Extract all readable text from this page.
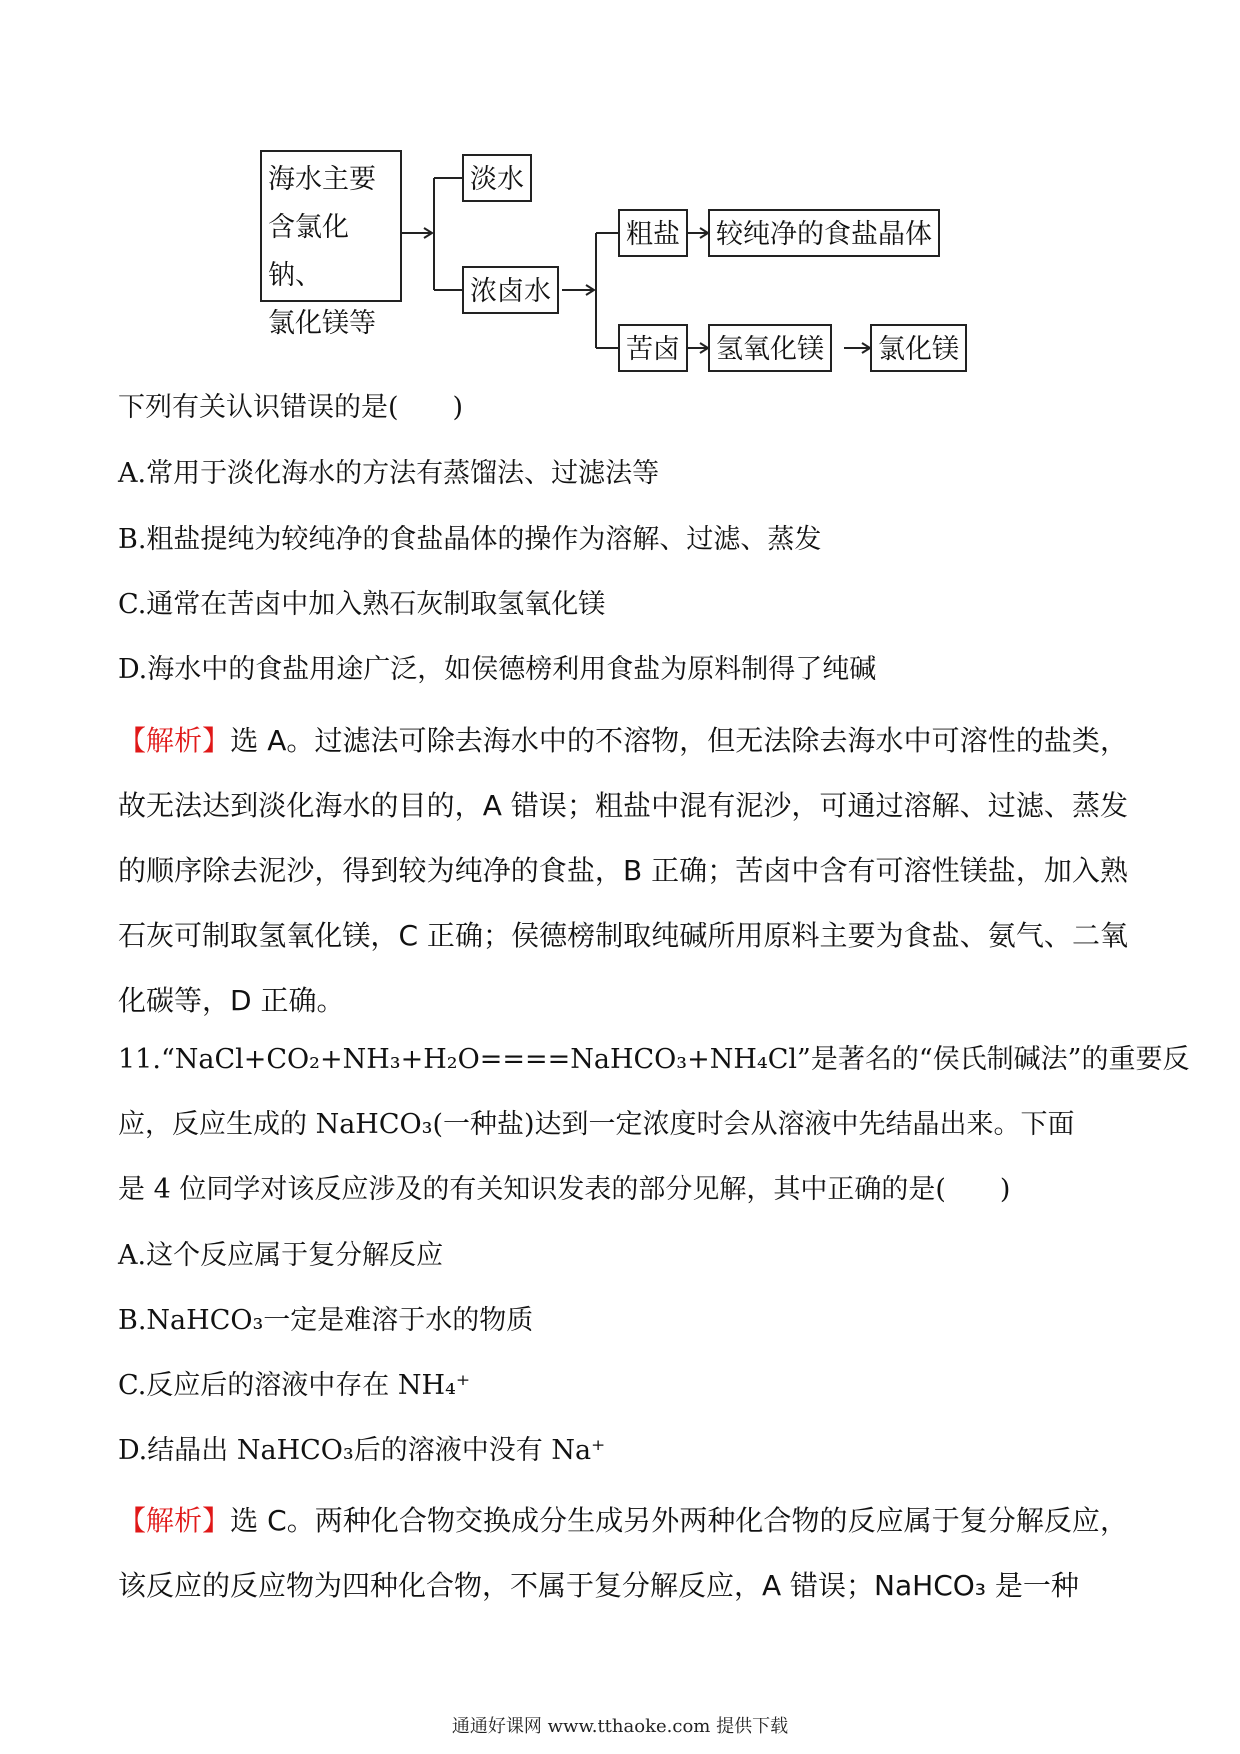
海水主要
含氯化钠、
氯化镁等
淡水
浓卤水
粗盐 较纯净的食盐晶体
苦卤 氢氧化镁 氯化镁
下列有关认识错误的是(　　)
A.常用于淡化海水的方法有蒸馏法、过滤法等
B.粗盐提纯为较纯净的食盐晶体的操作为溶解、过滤、蒸发
C.通常在苦卤中加入熟石灰制取氢氧化镁
D.海水中的食盐用途广泛，如侯德榜利用食盐为原料制得了纯碱
【解析】选 A。过滤法可除去海水中的不溶物，但无法除去海水中可溶性的盐类，故无法达到淡化海水的目的，A 错误；粗盐中混有泥沙，可通过溶解、过滤、蒸发的顺序除去泥沙，得到较为纯净的食盐，B 正确；苦卤中含有可溶性镁盐，加入熟石灰可制取氢氧化镁，C 正确；侯德榜制取纯碱所用原料主要为食盐、氨气、二氧化碳等，D 正确。
11.“NaCl+CO₂+NH₃+H₂O====NaHCO₃+NH₄Cl”是著名的“侯氏制碱法”的重要反
应，反应生成的 NaHCO₃(一种盐)达到一定浓度时会从溶液中先结晶出来。下面
是 4 位同学对该反应涉及的有关知识发表的部分见解，其中正确的是(　　)
A.这个反应属于复分解反应
B.NaHCO₃一定是难溶于水的物质
C.反应后的溶液中存在 NH₄⁺
D.结晶出 NaHCO₃后的溶液中没有 Na⁺
【解析】选 C。两种化合物交换成分生成另外两种化合物的反应属于复分解反应，该反应的反应物为四种化合物，不属于复分解反应，A 错误；NaHCO₃ 是一种
通通好课网 www.tthaoke.com 提供下载
